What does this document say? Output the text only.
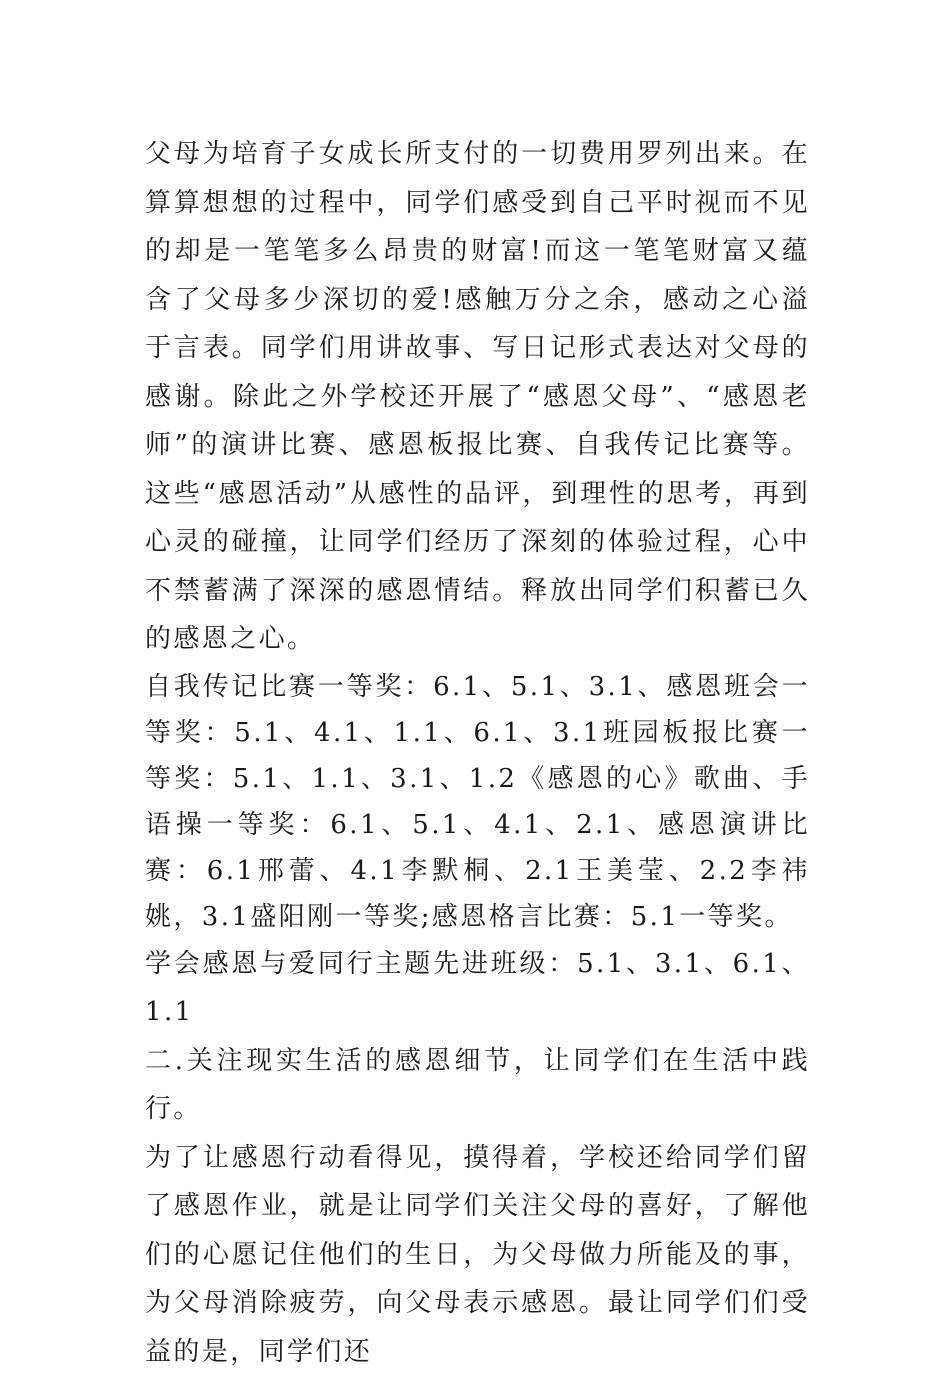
父母为培育子女成长所支付的一切费用罗列出来。在算算想想的过程中，同学们感受到自己平时视而不见的却是一笔笔多么昂贵的财富!而这一笔笔财富又蕴含了父母多少深切的爱!感触万分之余，感动之心溢于言表。同学们用讲故事、写日记形式表达对父母的感谢。除此之外学校还开展了“感恩父母”、“感恩老师”的演讲比赛、感恩板报比赛、自我传记比赛等。这些“感恩活动”从感性的品评，到理性的思考，再到心灵的碰撞，让同学们经历了深刻的体验过程，心中不禁蓄满了深深的感恩情结。释放出同学们积蓄已久的感恩之心。

自我传记比赛一等奖：6.1、5.1、3.1、感恩班会一等奖：5.1、4.1、1.1、6.1、3.1班园板报比赛一等奖：5.1、1.1、3.1、1.2《感恩的心》歌曲、手语操一等奖：6.1、5.1、4.1、2.1、感恩演讲比赛：6.1邢蕾、4.1李默桐、2.1王美莹、2.2李祎姚，3.1盛阳刚一等奖;感恩格言比赛：5.1一等奖。

学会感恩与爱同行主题先进班级：5.1、3.1、6.1、1.1

二.关注现实生活的感恩细节，让同学们在生活中践行。

为了让感恩行动看得见，摸得着，学校还给同学们留了感恩作业，就是让同学们关注父母的喜好，了解他们的心愿记住他们的生日，为父母做力所能及的事，为父母消除疲劳，向父母表示感恩。最让同学们们受益的是，同学们还
